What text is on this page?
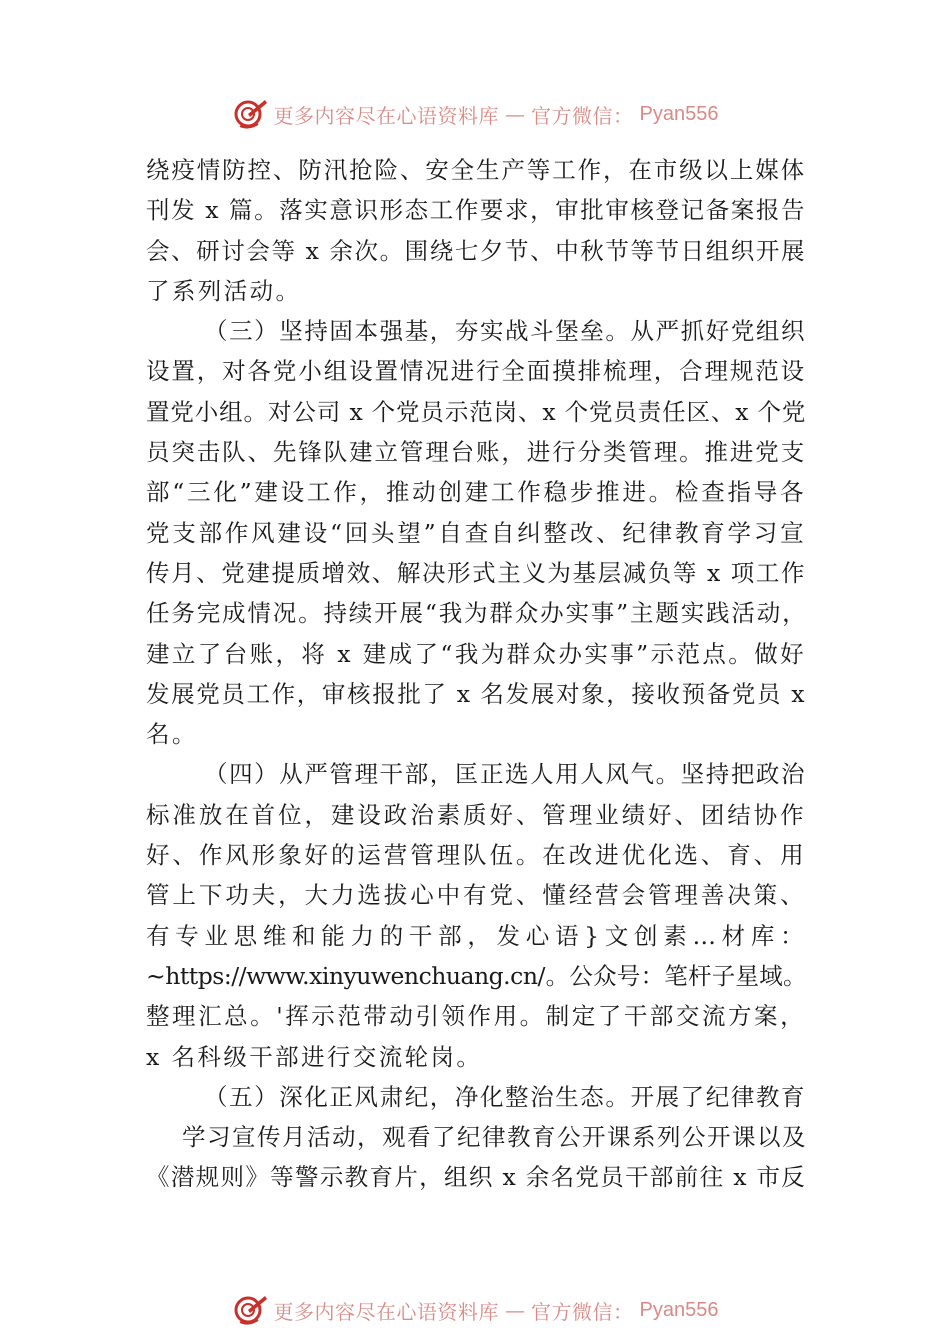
更多内容尽在心语资料库 — 官方微信： Pyan556
绕疫情防控、防汛抢险、安全生产等工作，在市级以上媒体
刊发 x 篇。落实意识形态工作要求，审批审核登记备案报告
会、研讨会等 x 余次。围绕七夕节、中秋节等节日组织开展
了系列活动。
（三）坚持固本强基，夯实战斗堡垒。从严抓好党组织
设置，对各党小组设置情况进行全面摸排梳理，合理规范设
置党小组。对公司 x 个党员示范岗、x 个党员责任区、x 个党
员突击队、先锋队建立管理台账，进行分类管理。推进党支
部“三化”建设工作，推动创建工作稳步推进。检查指导各
党支部作风建设“回头望”自查自纠整改、纪律教育学习宣
传月、党建提质增效、解决形式主义为基层减负等 x 项工作
任务完成情况。持续开展“我为群众办实事”主题实践活动，
建立了台账，将 x 建成了“我为群众办实事”示范点。做好
发展党员工作，审核报批了 x 名发展对象，接收预备党员 x
名。
（四）从严管理干部，匡正选人用人风气。坚持把政治
标准放在首位，建设政治素质好、管理业绩好、团结协作
好、作风形象好的运营管理队伍。在改进优化选、育、用
管上下功夫，大力选拔心中有党、懂经营会管理善决策、
有专业思维和能力的干部，发心语}文创素…材库：
~https://www.xinyuwenchuang.cn/。公众号：笔杆子星域。
整理汇总。'挥示范带动引领作用。制定了干部交流方案，
x 名科级干部进行交流轮岗。
（五）深化正风肃纪，净化整治生态。开展了纪律教育
学习宣传月活动，观看了纪律教育公开课系列公开课以及
《潜规则》等警示教育片，组织 x 余名党员干部前往 x 市反
更多内容尽在心语资料库 — 官方微信： Pyan556
